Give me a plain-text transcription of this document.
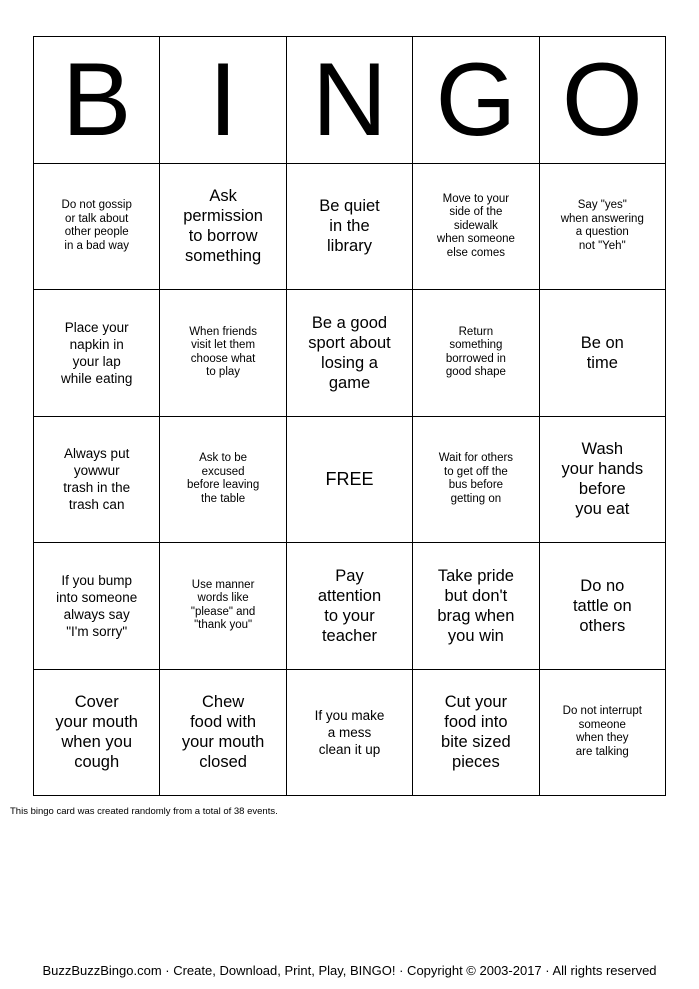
B I N G O
Do not gossip
or talk about
other people
in a bad way
Ask
permission
to borrow
something
Be quiet
in the
library
Move to your
side of the
sidewalk
when someone
else comes
Say "yes"
when answering
a question
not "Yeh"
Place your
napkin in
your lap
while eating
When friends
visit let them
choose what
to play
Be a good
sport about
losing a
game
Return
something
borrowed in
good shape
Be on
time
Always put
yowwur
trash in the
trash can
Ask to be
excused
before leaving
the table
FREE
Wait for others
to get off the
bus before
getting on
Wash
your hands
before
you eat
If you bump
into someone
always say
"I'm sorry"
Use manner
words like
"please" and
"thank you"
Pay
attention
to your
teacher
Take pride
but don't
brag when
you win
Do no
tattle on
others
Cover
your mouth
when you
cough
Chew
food with
your mouth
closed
If you make
a mess
clean it up
Cut your
food into
bite sized
pieces
Do not interrupt
someone
when they
are talking
This bingo card was created randomly from a total of 38 events.
BuzzBuzzBingo.com · Create, Download, Print, Play, BINGO! · Copyright © 2003-2017 · All rights reserved
